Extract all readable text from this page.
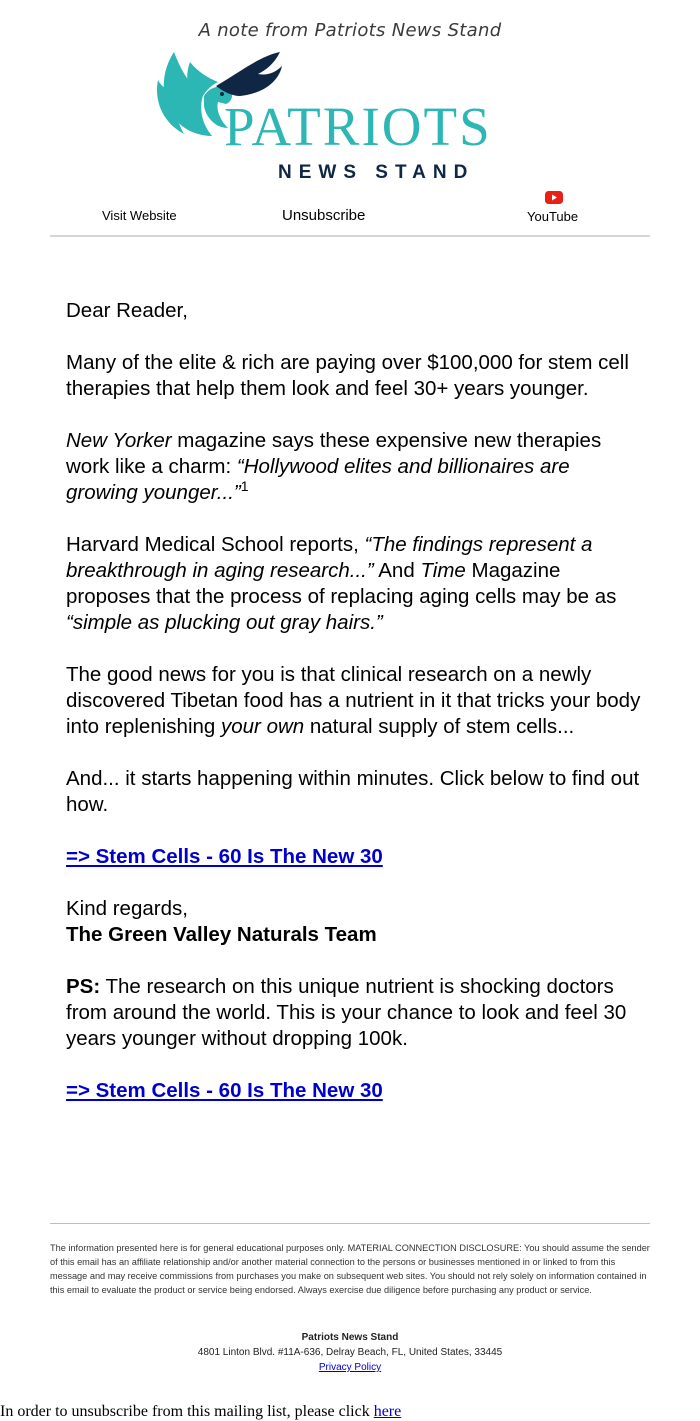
A note from Patriots News Stand
PATRIOTS
NEWS STAND
Visit Website	Unsubscribe	YouTube

Dear Reader,

Many of the elite & rich are paying over $100,000 for stem cell therapies that help them look and feel 30+ years younger.

New Yorker magazine says these expensive new therapies work like a charm: “Hollywood elites and billionaires are growing younger...”$^1$

Harvard Medical School reports, “The findings represent a breakthrough in aging research...” And Time Magazine proposes that the process of replacing aging cells may be as “simple as plucking out gray hairs.”

The good news for you is that clinical research on a newly discovered Tibetan food has a nutrient in it that tricks your body into replenishing your own natural supply of stem cells...

And... it starts happening within minutes. Click below to find out how.

=> Stem Cells - 60 Is The New 30

Kind regards,
The Green Valley Naturals Team

PS: The research on this unique nutrient is shocking doctors from around the world. This is your chance to look and feel 30 years younger without dropping 100k.

=> Stem Cells - 60 Is The New 30

The information presented here is for general educational purposes only. MATERIAL CONNECTION DISCLOSURE: You should assume the sender of this email has an affiliate relationship and/or another material connection to the persons or businesses mentioned in or linked to from this message and may receive commissions from purchases you make on subsequent web sites. You should not rely solely on information contained in this email to evaluate the product or service being endorsed. Always exercise due diligence before purchasing any product or service.
Patriots News Stand
4801 Linton Blvd. #11A-636, Delray Beach, FL, United States, 33445
Privacy Policy
In order to unsubscribe from this mailing list, please click here
